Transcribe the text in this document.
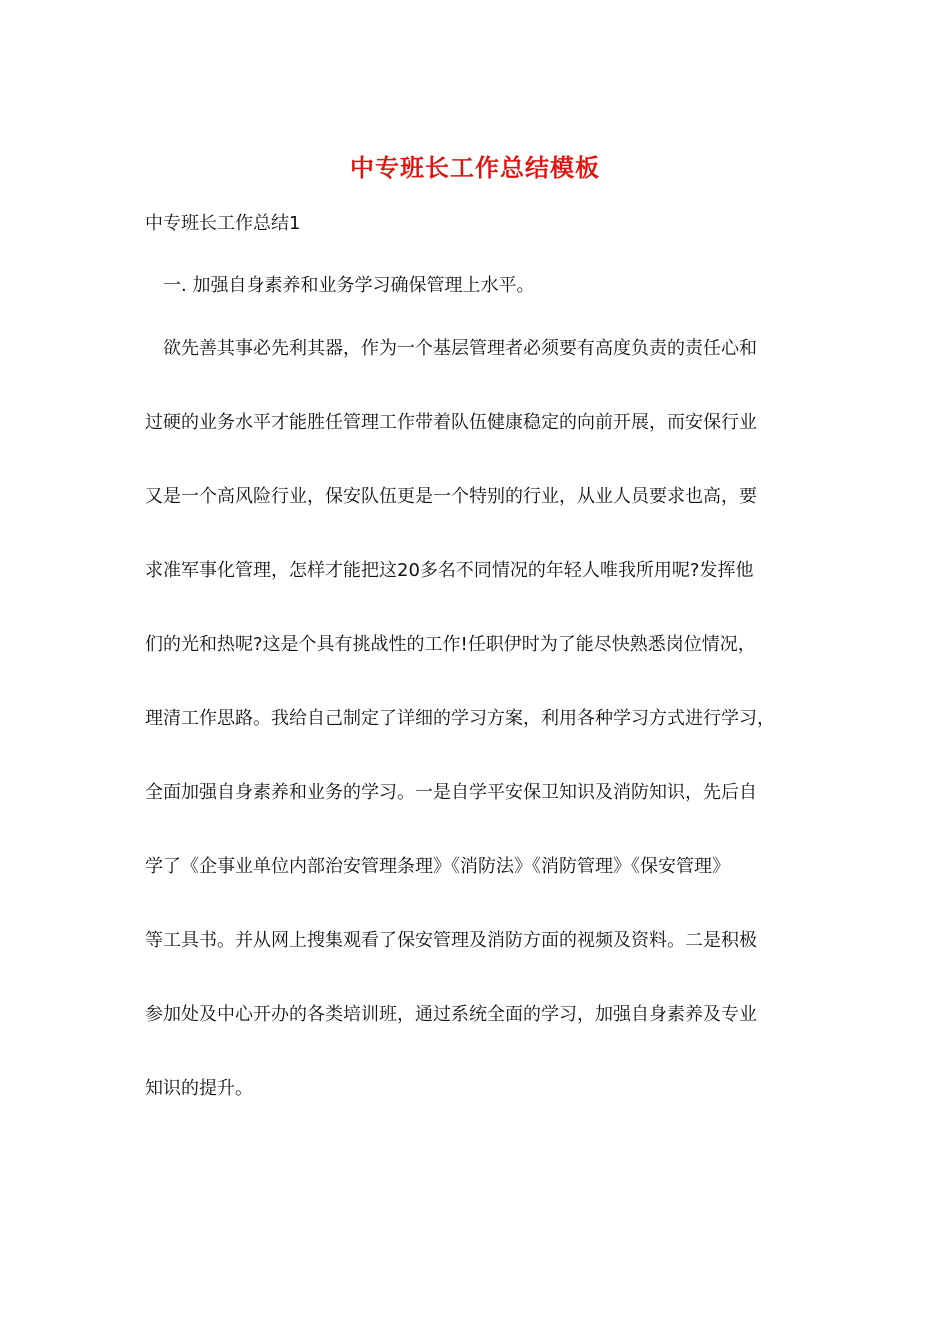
中专班长工作总结模板

中专班长工作总结1

一. 加强自身素养和业务学习确保管理上水平。

欲先善其事必先利其器，作为一个基层管理者必须要有高度负责的责任心和
过硬的业务水平才能胜任管理工作带着队伍健康稳定的向前开展，而安保行业
又是一个高风险行业，保安队伍更是一个特别的行业，从业人员要求也高，要
求准军事化管理，怎样才能把这20多名不同情况的年轻人唯我所用呢?发挥他
们的光和热呢?这是个具有挑战性的工作!任职伊时为了能尽快熟悉岗位情况，
理清工作思路。我给自己制定了详细的学习方案，利用各种学习方式进行学习，
全面加强自身素养和业务的学习。一是自学平安保卫知识及消防知识，先后自
学了《企事业单位内部治安管理条理》《消防法》《消防管理》《保安管理》
等工具书。并从网上搜集观看了保安管理及消防方面的视频及资料。二是积极
参加处及中心开办的各类培训班，通过系统全面的学习，加强自身素养及专业
知识的提升。
